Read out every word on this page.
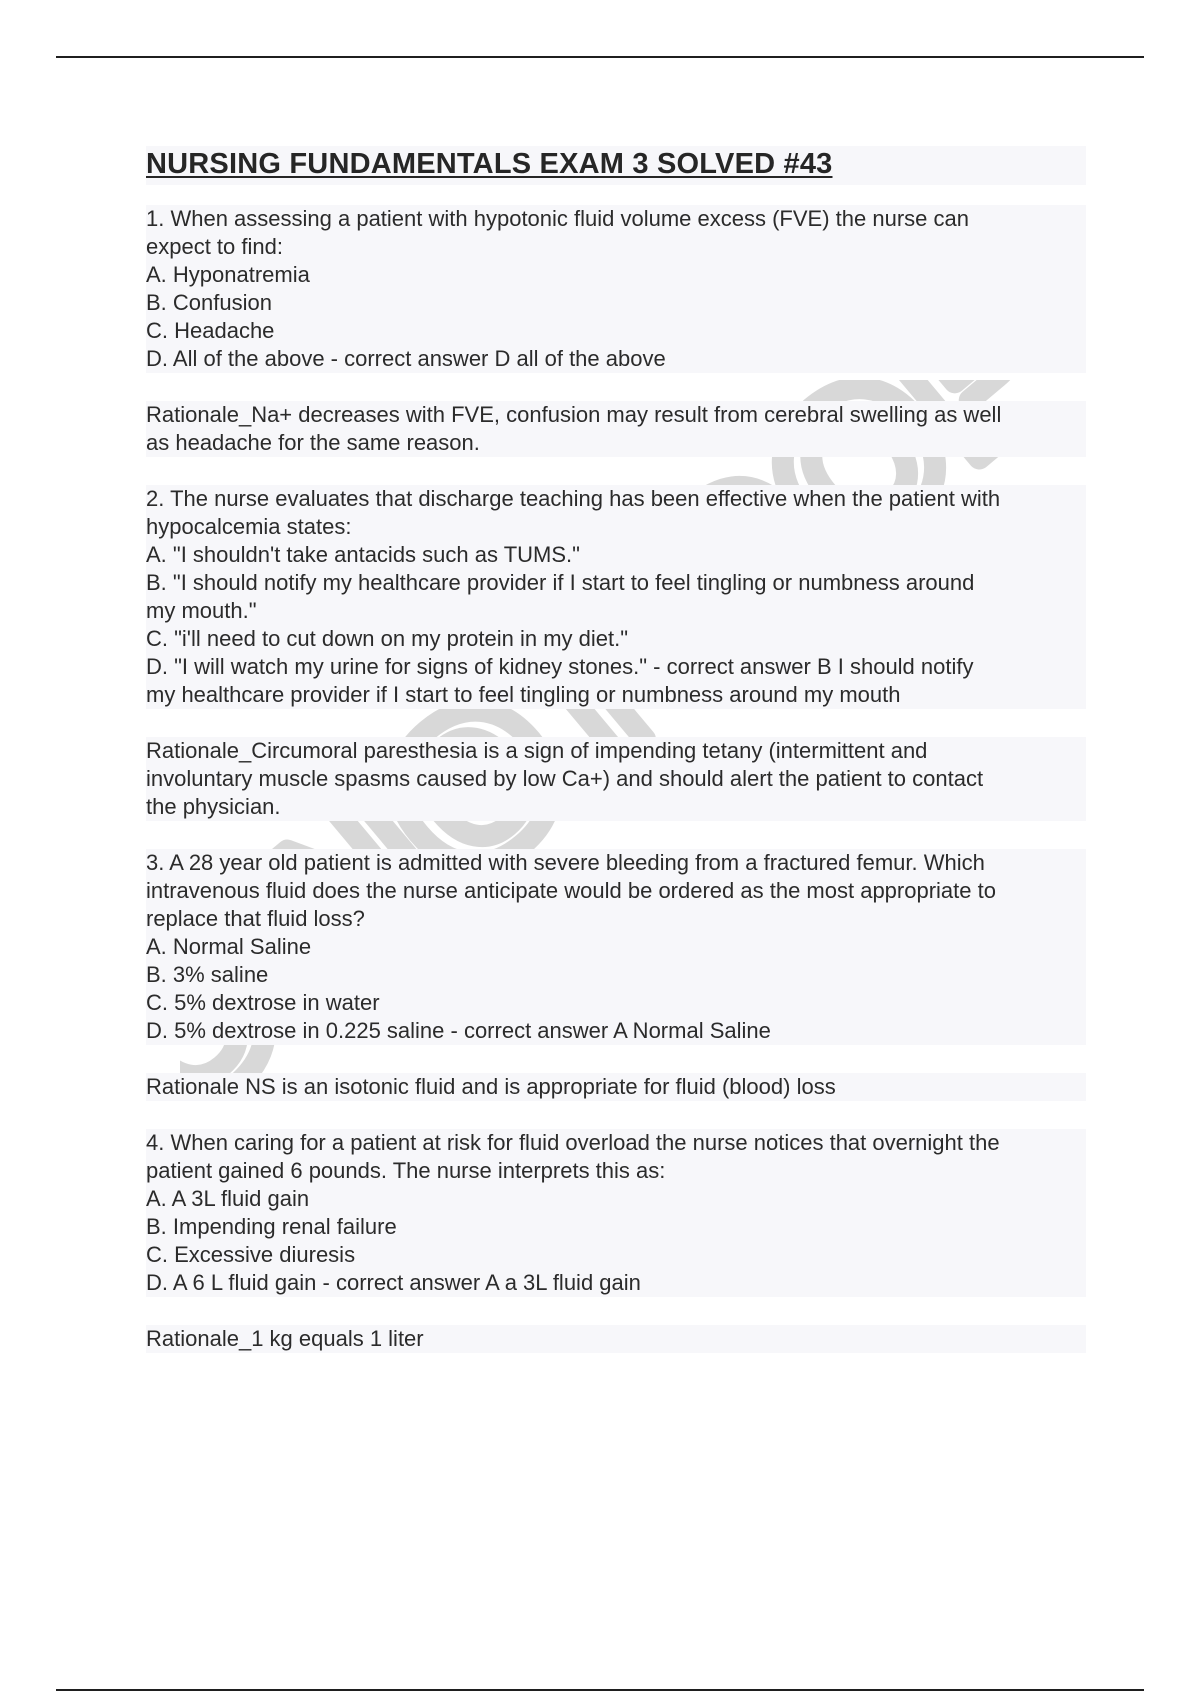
NURSING FUNDAMENTALS EXAM 3 SOLVED #43
1. When assessing a patient with hypotonic fluid volume excess (FVE) the nurse can
expect to find:
A. Hyponatremia
B. Confusion
C. Headache
D. All of the above - correct answer D all of the above
Rationale_Na+ decreases with FVE, confusion may result from cerebral swelling as well
as headache for the same reason.
2. The nurse evaluates that discharge teaching has been effective when the patient with
hypocalcemia states:
A. "I shouldn't take antacids such as TUMS."
B. "I should notify my healthcare provider if I start to feel tingling or numbness around
my mouth."
C. "i'll need to cut down on my protein in my diet."
D. "I will watch my urine for signs of kidney stones." - correct answer B I should notify
my healthcare provider if I start to feel tingling or numbness around my mouth
Rationale_Circumoral paresthesia is a sign of impending tetany (intermittent and
involuntary muscle spasms caused by low Ca+) and should alert the patient to contact
the physician.
3. A 28 year old patient is admitted with severe bleeding from a fractured femur. Which
intravenous fluid does the nurse anticipate would be ordered as the most appropriate to
replace that fluid loss?
A. Normal Saline
B. 3% saline
C. 5% dextrose in water
D. 5% dextrose in 0.225 saline - correct answer A Normal Saline
Rationale NS is an isotonic fluid and is appropriate for fluid (blood) loss
4. When caring for a patient at risk for fluid overload the nurse notices that overnight the
patient gained 6 pounds. The nurse interprets this as:
A. A 3L fluid gain
B. Impending renal failure
C. Excessive diuresis
D. A 6 L fluid gain - correct answer A a 3L fluid gain
Rationale_1 kg equals 1 liter
